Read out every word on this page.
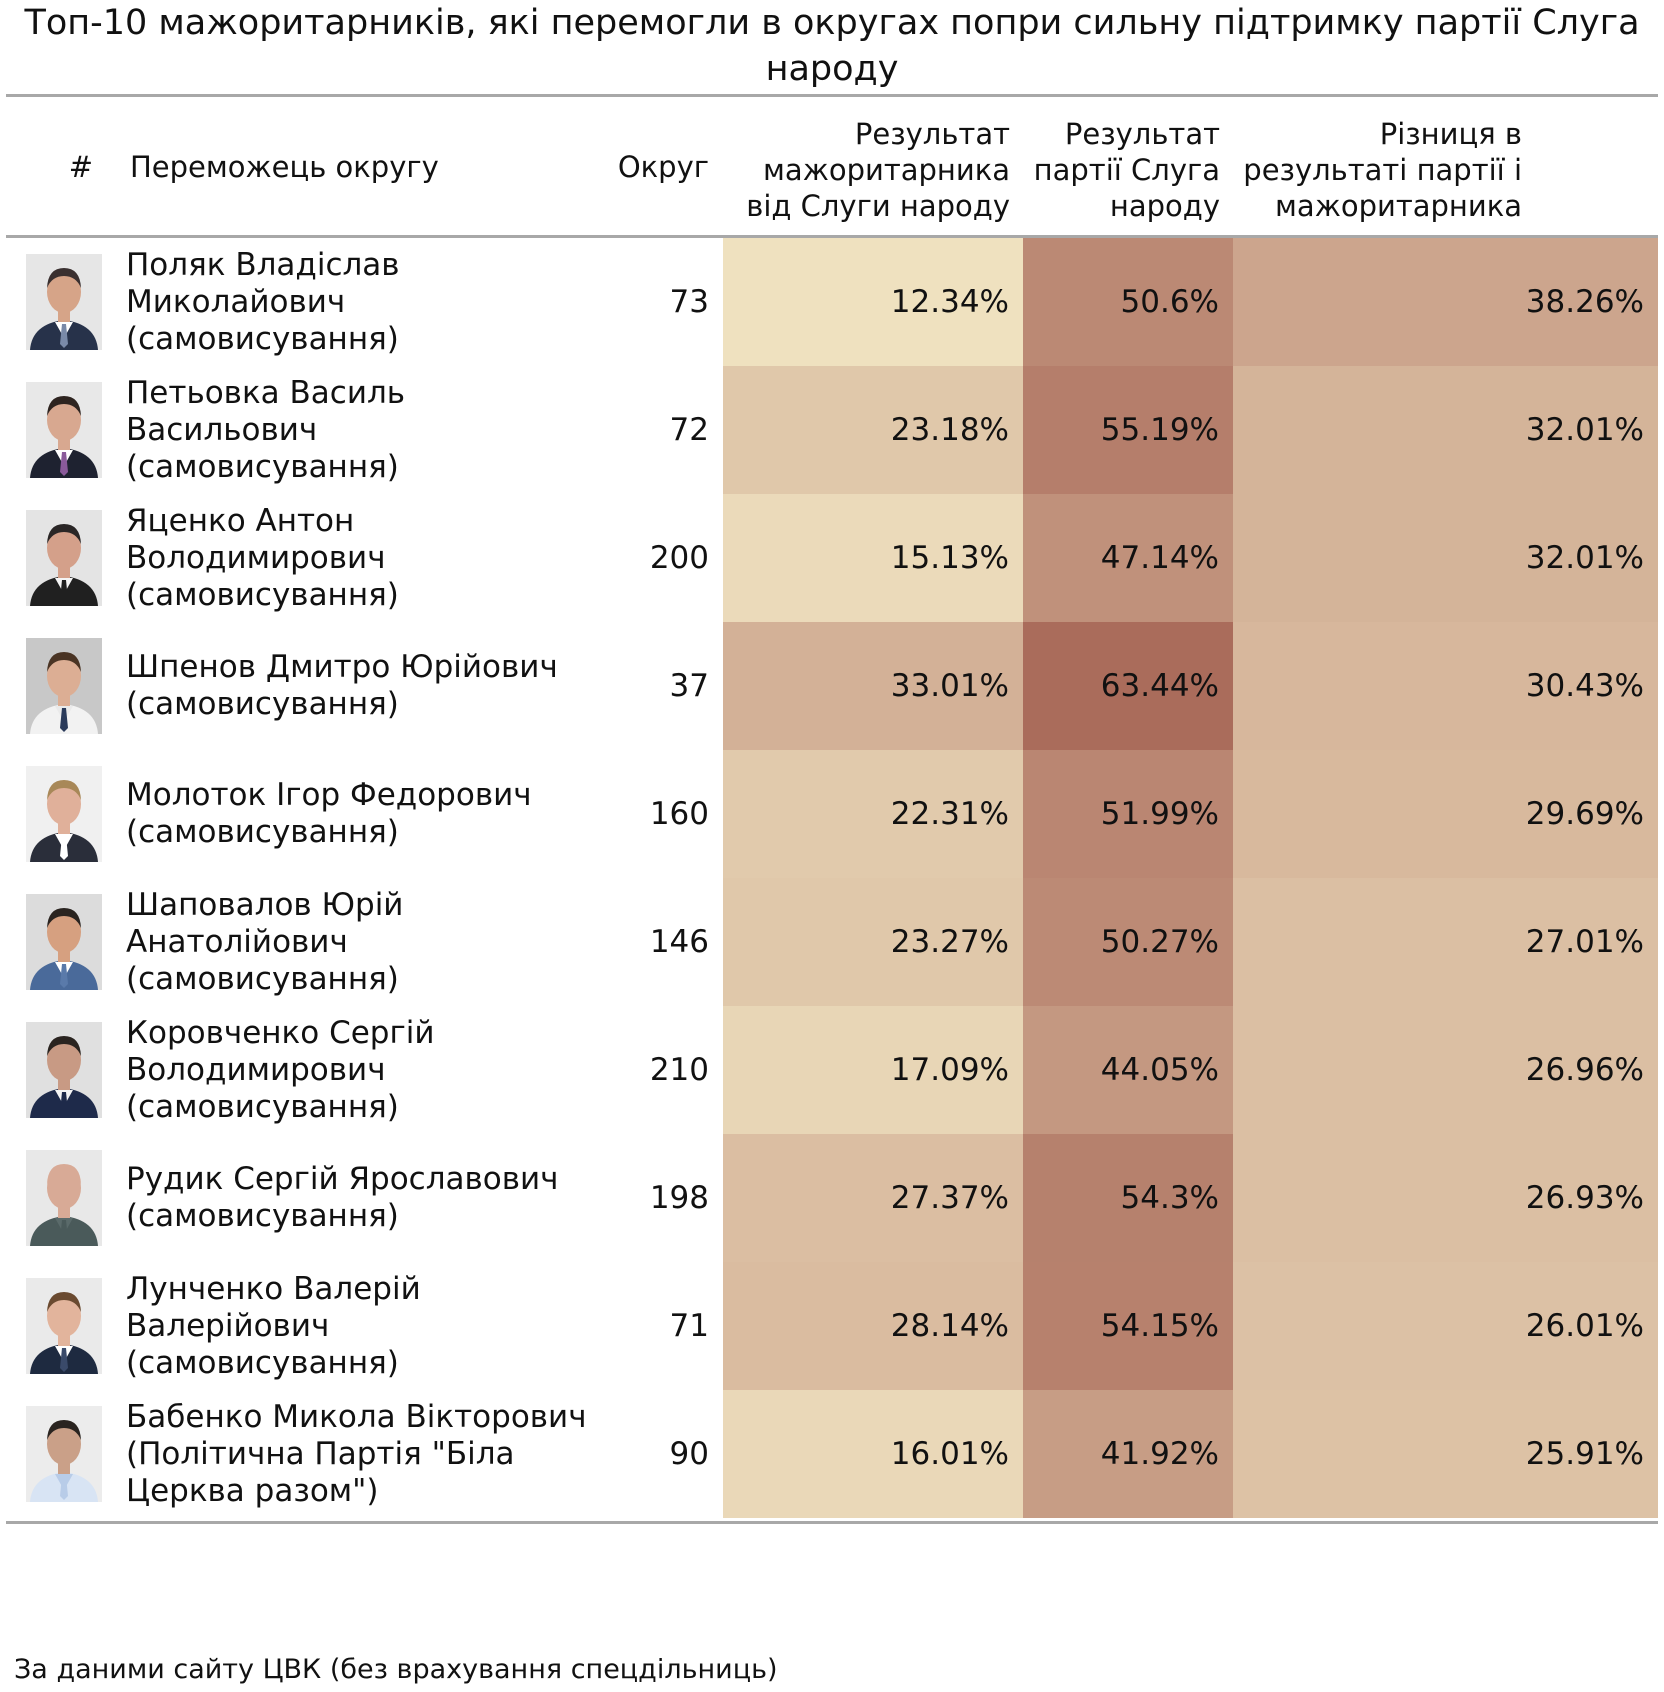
Топ-10 мажоритарників, які перемогли в округах попри сильну підтримку партії Слуга народу
# Переможець округу	Округ
Результат мажоритарника від Слуги народу
Результат партії Слуга народу
Різниця в результаті партії і мажоритарника
Поляк Владіслав Миколайович (самовисування)
73	12.34%	50.6%	38.26%
Петьовка Василь Васильович (самовисування)
72	23.18%	55.19%	32.01%
Яценко Антон Володимирович (самовисування)
200	15.13%	47.14%	32.01%
Шпенов Дмитро Юрійович (самовисування)
37	33.01%	63.44%	30.43%
Молоток Ігор Федорович (самовисування)
160	22.31%	51.99%	29.69%
Шаповалов Юрій Анатолійович (самовисування)
146	23.27%	50.27%	27.01%
Коровченко Сергій Володимирович (самовисування)
210	17.09%	44.05%	26.96%
Рудик Сергій Ярославович (самовисування)
198	27.37%	54.3%	26.93%
Лунченко Валерій Валерійович (самовисування)
71	28.14%	54.15%	26.01%
Бабенко Микола Вікторович (Політична Партія "Біла Церква разом")
90	16.01%	41.92%	25.91%
За даними сайту ЦВК (без врахування спецдільниць)
